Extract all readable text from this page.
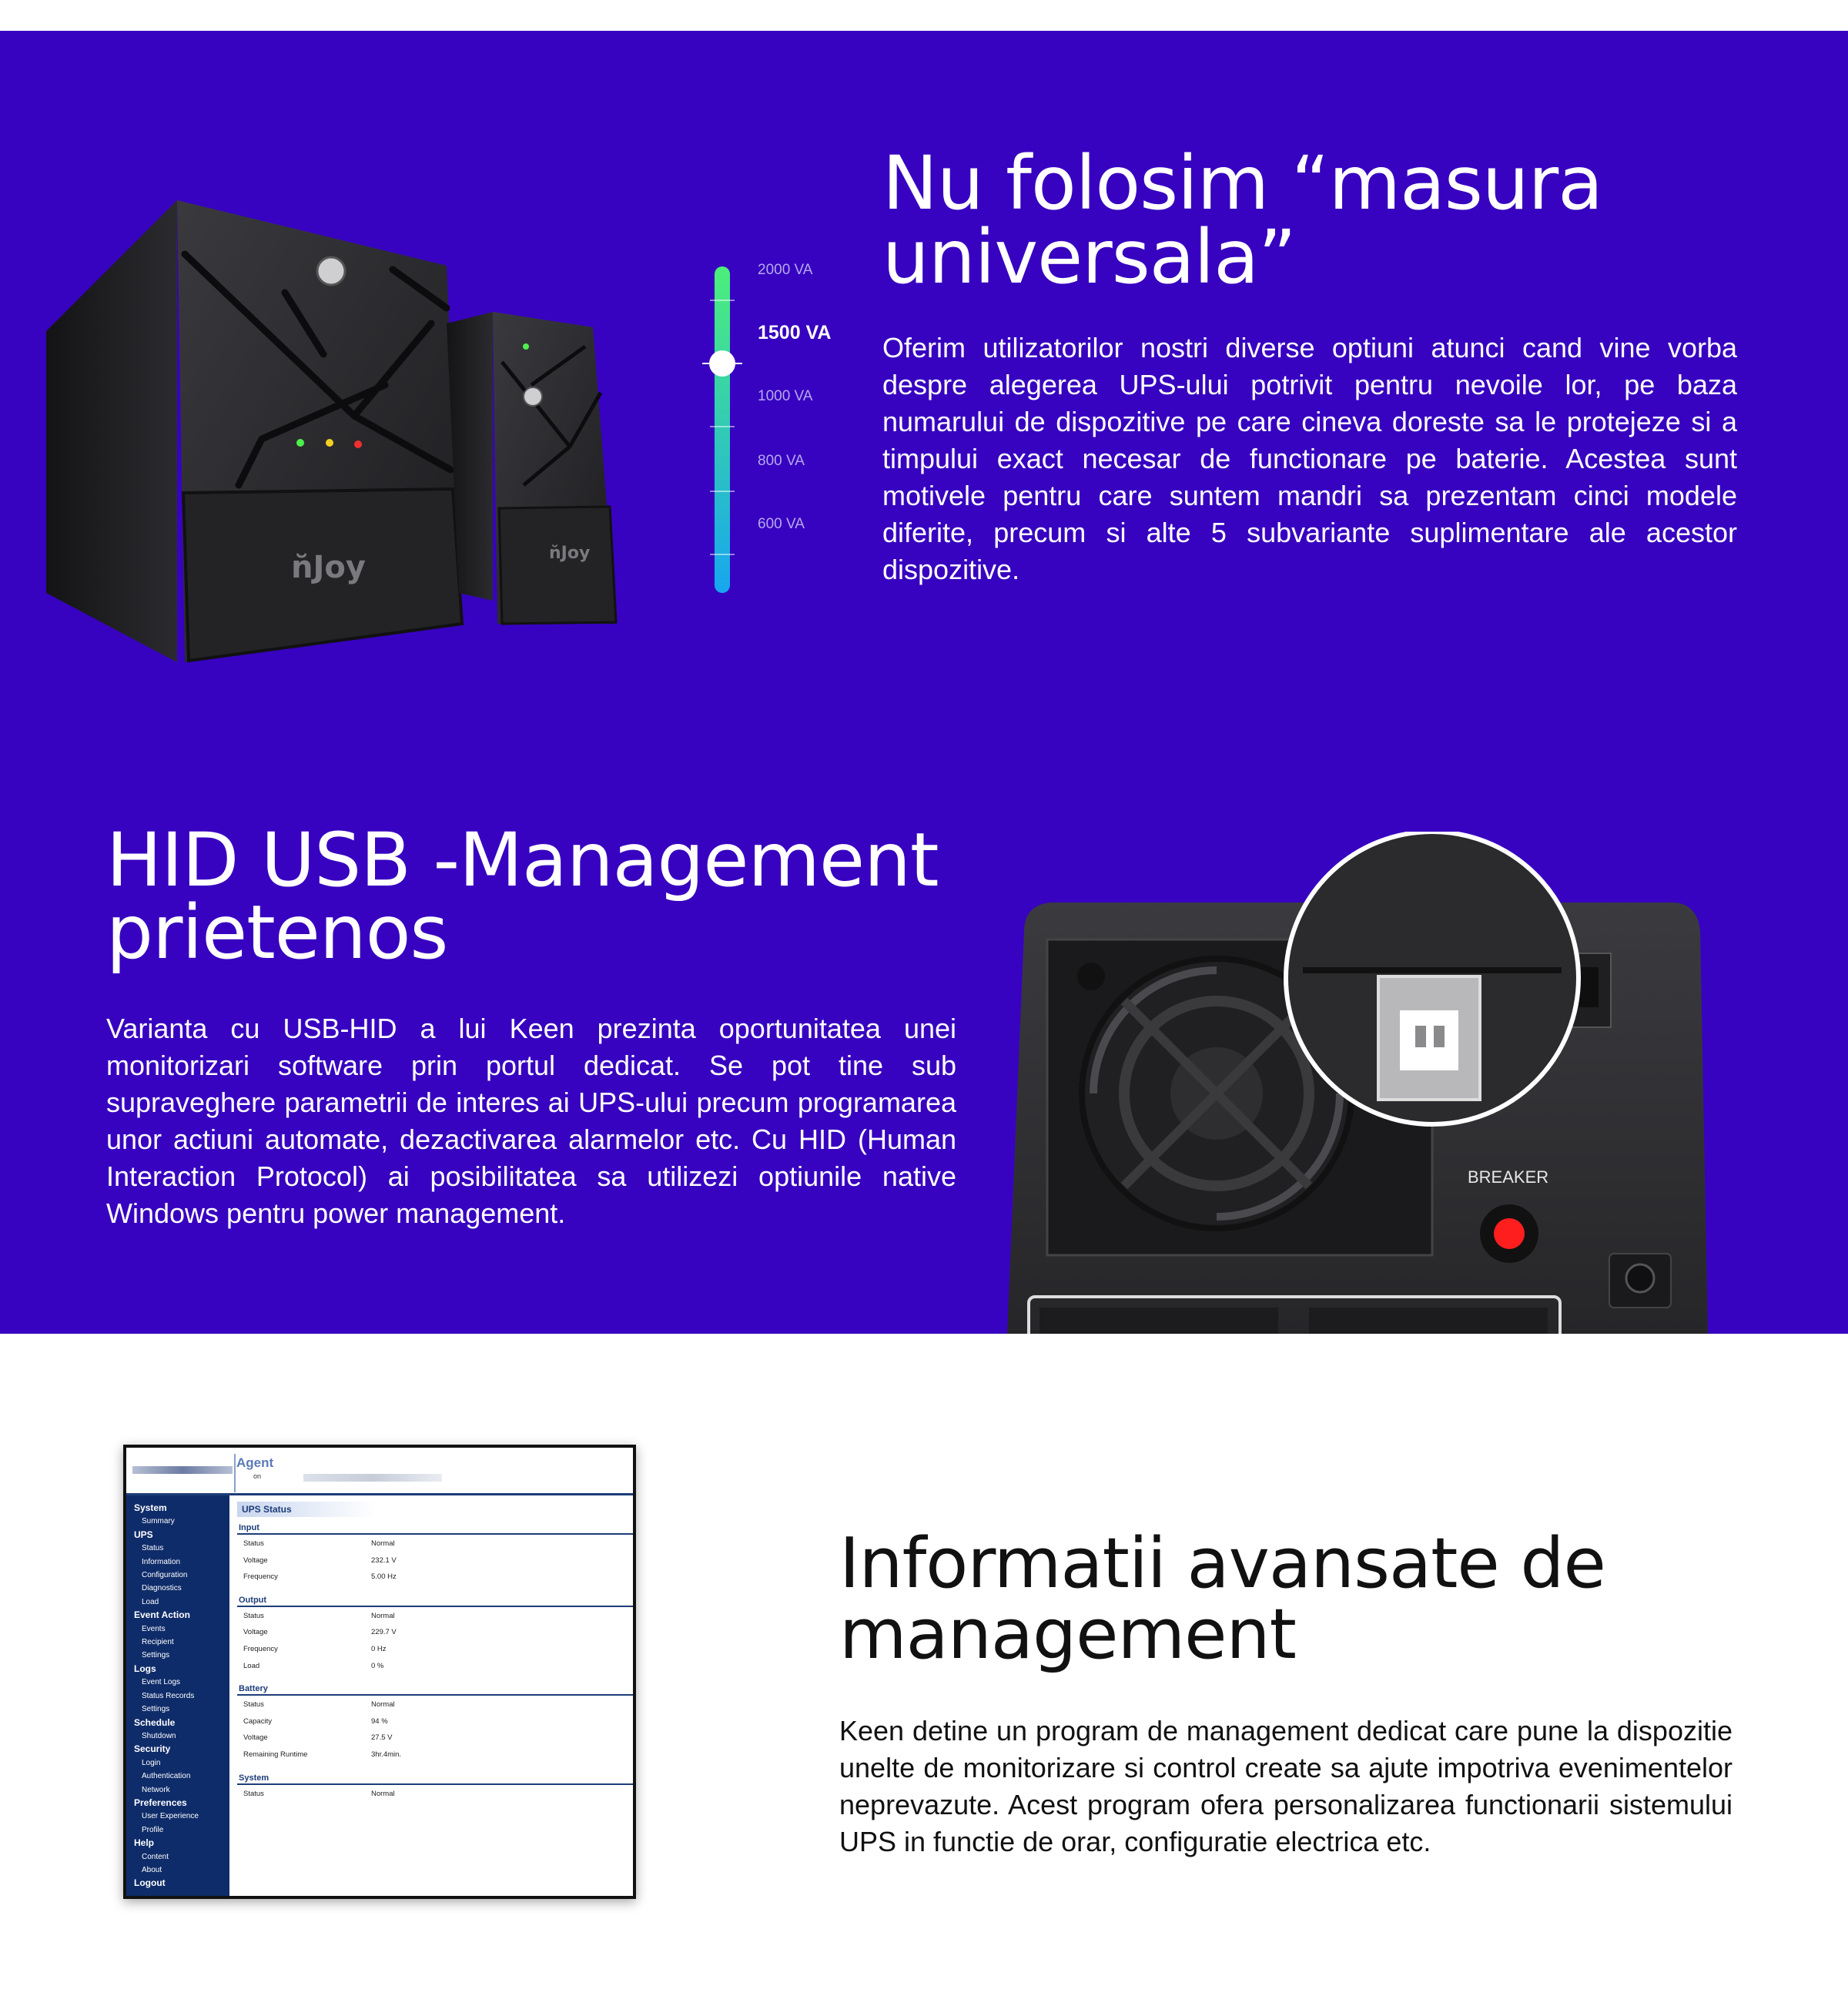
n̆Joy	n̆Joy
2000 VA
1500 VA
1000 VA
800 VA
600 VA
Nu folosim “masura universala”

Oferim utilizatorilor nostri diverse optiuni atunci cand vine vorba despre alegerea UPS-ului potrivit pentru nevoile lor, pe baza numarului de dispozitive pe care cineva doreste sa le protejeze si a timpului exact necesar de functionare pe baterie. Acestea sunt motivele pentru care suntem mandri sa prezentam cinci modele diferite, precum si alte 5 subvariante suplimentare ale acestor dispozitive.

HID USB -Management prietenos

Varianta cu USB-HID a lui Keen prezinta oportunitatea unei monitorizari software prin portul dedicat. Se pot tine sub supraveghere parametrii de interes ai UPS-ului precum programarea unor actiuni automate, dezactivarea alarmelor etc. Cu HID (Human Interaction Protocol) ai posibilitatea sa utilizezi optiunile native Windows pentru power management.

BREAKER
Agent
on
System
Summary
UPS
Status
Information
Configuration
Diagnostics
Load
Event Action
Events
Recipient
Settings
Logs
Event Logs
Status Records
Settings
Schedule
Shutdown
Security
Login
Authentication
Network
Preferences
User Experience
Profile
Help
Content
About
Logout
UPS Status
Input
Status	Normal
Voltage	232.1 V
Frequency	5.00 Hz
Output
Status	Normal
Voltage	229.7 V
Frequency	0 Hz
Load	0 %
Battery
Status	Normal
Capacity	94 %
Voltage	27.5 V
Remaining Runtime	3hr.4min.
System
Status	Normal
Informatii avansate de management

Keen detine un program de management dedicat care pune la dispozitie unelte de monitorizare si control create sa ajute impotriva evenimentelor neprevazute. Acest program ofera personalizarea functionarii sistemului UPS in functie de orar, configuratie electrica etc.
